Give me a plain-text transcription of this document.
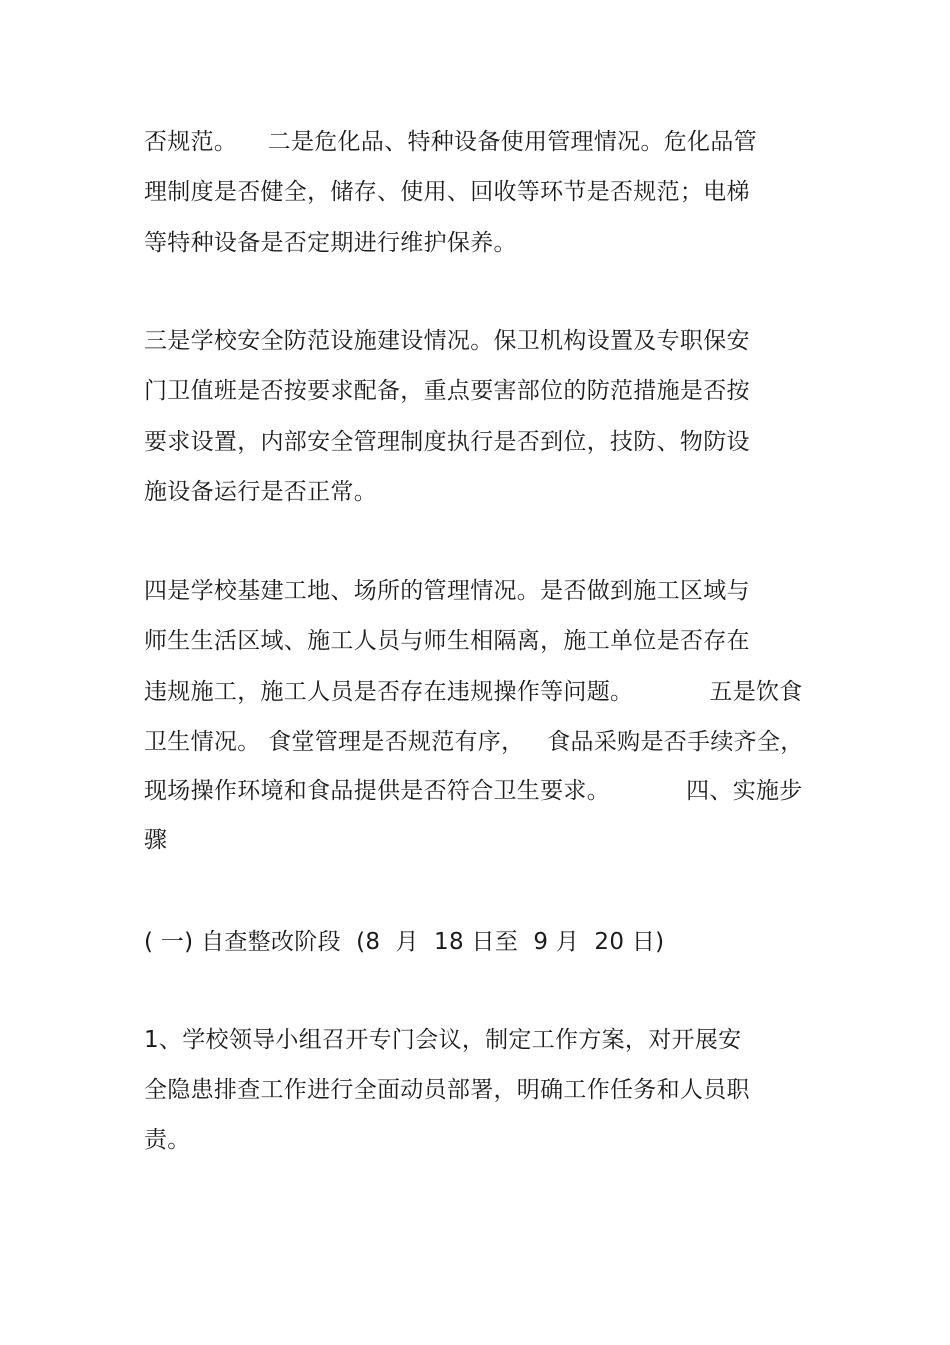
否规范。    二是危化品、特种设备使用管理情况。危化品管
理制度是否健全，储存、使用、回收等环节是否规范；电梯
等特种设备是否定期进行维护保养。
三是学校安全防范设施建设情况。保卫机构设置及专职保安
门卫值班是否按要求配备，重点要害部位的防范措施是否按
要求设置，内部安全管理制度执行是否到位，技防、物防设
施设备运行是否正常。
四是学校基建工地、场所的管理情况。是否做到施工区域与
师生生活区域、施工人员与师生相隔离，施工单位是否存在
违规施工，施工人员是否存在违规操作等问题。          五是饮食
卫生情况。 食堂管理是否规范有序，   食品采购是否手续齐全，
现场操作环境和食品提供是否符合卫生要求。          四、实施步
骤
( 一) 自查整改阶段  (8  月  18 日至  9 月  20 日)
1、学校领导小组召开专门会议，制定工作方案，对开展安
全隐患排查工作进行全面动员部署，明确工作任务和人员职
责。
